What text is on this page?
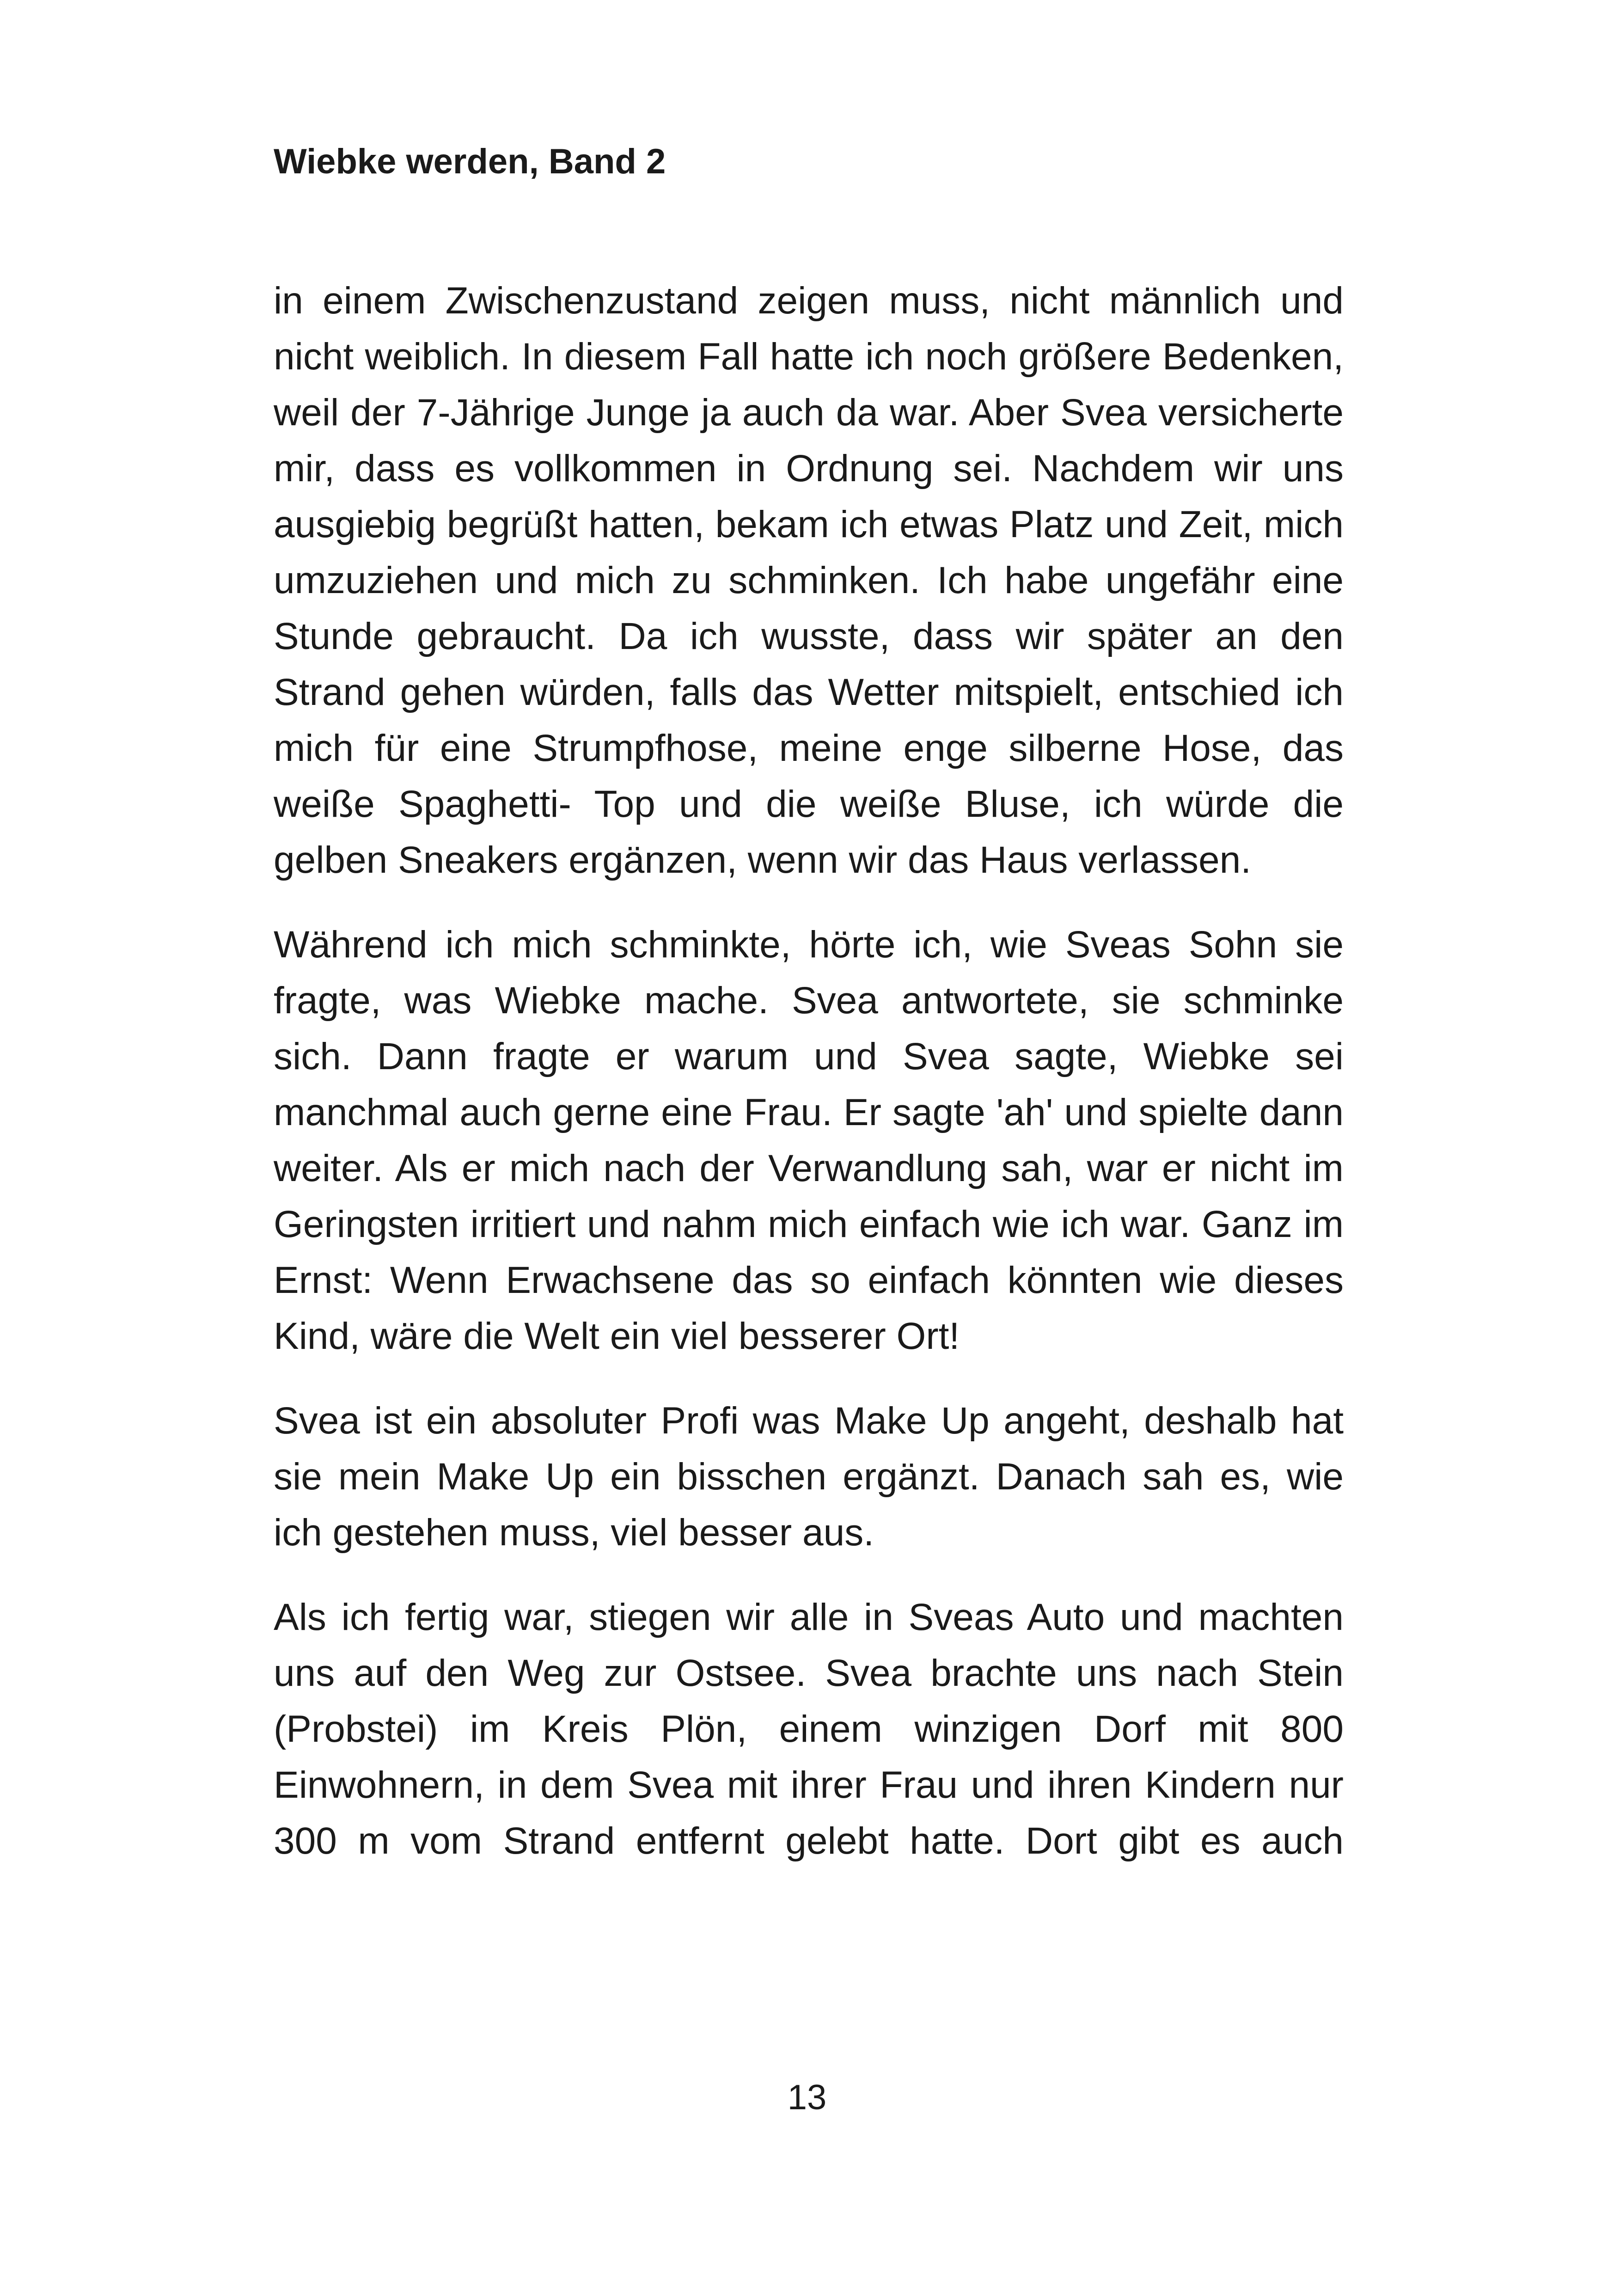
Wiebke werden, Band 2

in einem Zwischenzustand zeigen muss, nicht männlich und nicht weiblich. In diesem Fall hatte ich noch größere Bedenken, weil der 7-Jährige Junge ja auch da war. Aber Svea versicherte mir, dass es vollkommen in Ordnung sei. Nachdem wir uns ausgiebig begrüßt hatten, bekam ich etwas Platz und Zeit, mich umzuziehen und mich zu schminken. Ich habe ungefähr eine Stunde gebraucht. Da ich wusste, dass wir später an den Strand gehen würden, falls das Wetter mitspielt, entschied ich mich für eine Strumpfhose, meine enge silberne Hose, das weiße Spaghetti- Top und die weiße Bluse, ich würde die gelben Sneakers ergänzen, wenn wir das Haus verlassen.

Während ich mich schminkte, hörte ich, wie Sveas Sohn sie fragte, was Wiebke mache. Svea antwortete, sie schminke sich. Dann fragte er warum und Svea sagte, Wiebke sei manchmal auch gerne eine Frau. Er sagte 'ah' und spielte dann weiter. Als er mich nach der Verwandlung sah, war er nicht im Geringsten irritiert und nahm mich einfach wie ich war. Ganz im Ernst: Wenn Erwachsene das so einfach könnten wie dieses Kind, wäre die Welt ein viel besserer Ort!

Svea ist ein absoluter Profi was Make Up angeht, deshalb hat sie mein Make Up ein bisschen ergänzt. Danach sah es, wie ich gestehen muss, viel besser aus.

Als ich fertig war, stiegen wir alle in Sveas Auto und machten uns auf den Weg zur Ostsee. Svea brachte uns nach Stein (Probstei) im Kreis Plön, einem winzigen Dorf mit 800 Einwohnern, in dem Svea mit ihrer Frau und ihren Kindern nur 300 m vom Strand entfernt gelebt hatte. Dort gibt es auch

13
